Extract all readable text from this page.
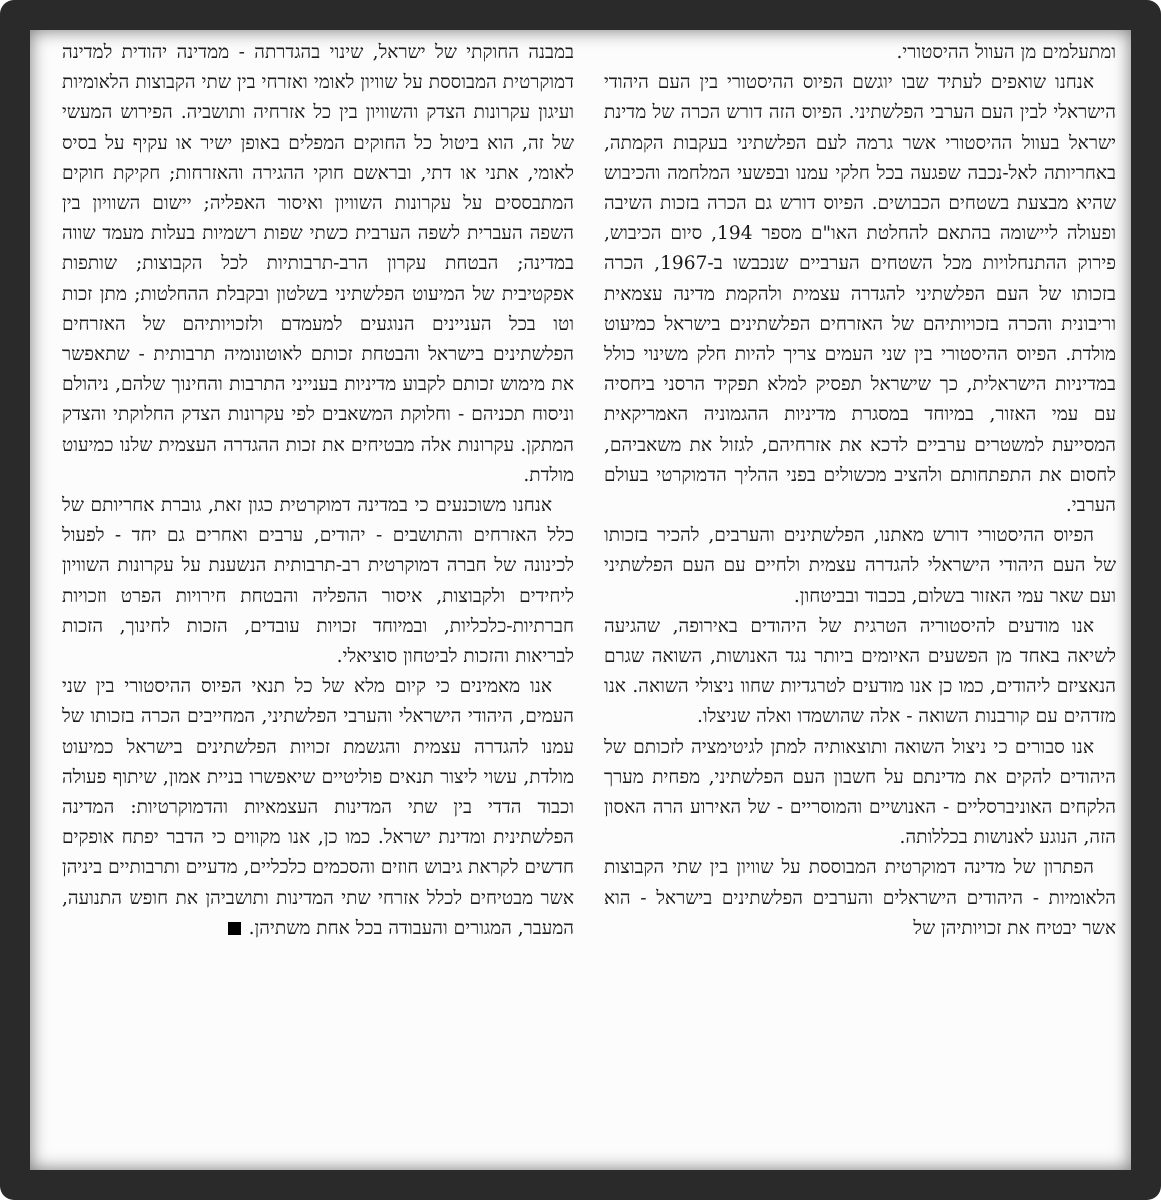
ומתעלמים מן העוול ההיסטורי.

אנחנו שואפים לעתיד שבו יוגשם הפיוס ההיסטורי בין העם היהודי הישראלי לבין העם הערבי הפלשתיני. הפיוס הזה דורש הכרה של מדינת ישראל בעוול ההיסטורי אשר גרמה לעם הפלשתיני בעקבות הקמתה, באחריותה לאל-נכבה שפגעה בכל חלקי עמנו ובפשעי המלחמה והכיבוש שהיא מבצעת בשטחים הכבושים. הפיוס דורש גם הכרה בזכות השיבה ופעולה ליישומה בהתאם להחלטת האו"ם מספר 194, סיום הכיבוש, פירוק ההתנחלויות מכל השטחים הערביים שנכבשו ב-1967, הכרה בזכותו של העם הפלשתיני להגדרה עצמית ולהקמת מדינה עצמאית וריבונית והכרה בזכויותיהם של האזרחים הפלשתינים בישראל כמיעוט מולדת. הפיוס ההיסטורי בין שני העמים צריך להיות חלק משינוי כולל במדיניות הישראלית, כך שישראל תפסיק למלא תפקיד הרסני ביחסיה עם עמי האזור, במיוחד במסגרת מדיניות ההגמוניה האמריקאית המסייעת למשטרים ערביים לדכא את אזרחיהם, לגזול את משאביהם, לחסום את התפתחותם ולהציב מכשולים בפני ההליך הדמוקרטי בעולם הערבי.

הפיוס ההיסטורי דורש מאתנו, הפלשתינים והערבים, להכיר בזכותו של העם היהודי הישראלי להגדרה עצמית ולחיים עם העם הפלשתיני ועם שאר עמי האזור בשלום, בכבוד ובביטחון.

אנו מודעים להיסטוריה הטרגית של היהודים באירופה, שהגיעה לשיאה באחד מן הפשעים האיומים ביותר נגד האנושות, השואה שגרם הנאציזם ליהודים, כמו כן אנו מודעים לטרגדיות שחוו ניצולי השואה. אנו מזדהים עם קורבנות השואה - אלה שהושמדו ואלה שניצלו.

אנו סבורים כי ניצול השואה ותוצאותיה למתן לגיטימציה לזכותם של היהודים להקים את מדינתם על חשבון העם הפלשתיני, מפחית מערך הלקחים האוניברסליים - האנושיים והמוסריים - של האירוע הרה האסון הזה, הנוגע לאנושות בכללותה.

הפתרון של מדינה דמוקרטית המבוססת על שוויון בין שתי הקבוצות הלאומיות - היהודים הישראלים והערבים הפלשתינים בישראל - הוא אשר יבטיח את זכויותיהן של

במבנה החוקתי של ישראל, שינוי בהגדרתה - ממדינה יהודית למדינה דמוקרטית המבוססת על שוויון לאומי ואזרחי בין שתי הקבוצות הלאומיות ועיגון עקרונות הצדק והשוויון בין כל אזרחיה ותושביה. הפירוש המעשי של זה, הוא ביטול כל החוקים המפלים באופן ישיר או עקיף על בסיס לאומי, אתני או דתי, ובראשם חוקי ההגירה והאזרחות; חקיקת חוקים המתבססים על עקרונות השוויון ואיסור האפליה; יישום השוויון בין השפה העברית לשפה הערבית כשתי שפות רשמיות בעלות מעמד שווה במדינה; הבטחת עקרון הרב-תרבותיות לכל הקבוצות; שותפות אפקטיבית של המיעוט הפלשתיני בשלטון ובקבלת ההחלטות; מתן זכות וטו בכל העניינים הנוגעים למעמדם ולזכויותיהם של האזרחים הפלשתינים בישראל והבטחת זכותם לאוטונומיה תרבותית - שתאפשר את מימוש זכותם לקבוע מדיניות בענייני התרבות והחינוך שלהם, ניהולם וניסוח תכניהם - וחלוקת המשאבים לפי עקרונות הצדק החלוקתי והצדק המתקן. עקרונות אלה מבטיחים את זכות ההגדרה העצמית שלנו כמיעוט מולדת.

אנחנו משוכנעים כי במדינה דמוקרטית כגון זאת, גוברת אחריותם של כלל האזרחים והתושבים - יהודים, ערבים ואחרים גם יחד - לפעול לכינונה של חברה דמוקרטית רב-תרבותית הנשענת על עקרונות השוויון ליחידים ולקבוצות, איסור ההפליה והבטחת חירויות הפרט וזכויות חברתיות-כלכליות, ובמיוחד זכויות עובדים, הזכות לחינוך, הזכות לבריאות והזכות לביטחון סוציאלי.

אנו מאמינים כי קיום מלא של כל תנאי הפיוס ההיסטורי בין שני העמים, היהודי הישראלי והערבי הפלשתיני, המחייבים הכרה בזכותו של עמנו להגדרה עצמית והגשמת זכויות הפלשתינים בישראל כמיעוט מולדת, עשוי ליצור תנאים פוליטיים שיאפשרו בניית אמון, שיתוף פעולה וכבוד הדדי בין שתי המדינות העצמאיות והדמוקרטיות: המדינה הפלשתינית ומדינת ישראל. כמו כן, אנו מקווים כי הדבר יפתח אופקים חדשים לקראת גיבוש חוזים והסכמים כלכליים, מדעיים ותרבותיים ביניהן אשר מבטיחים לכלל אזרחי שתי המדינות ותושביהן את חופש התנועה, המעבר, המגורים והעבודה בכל אחת משתיהן.
